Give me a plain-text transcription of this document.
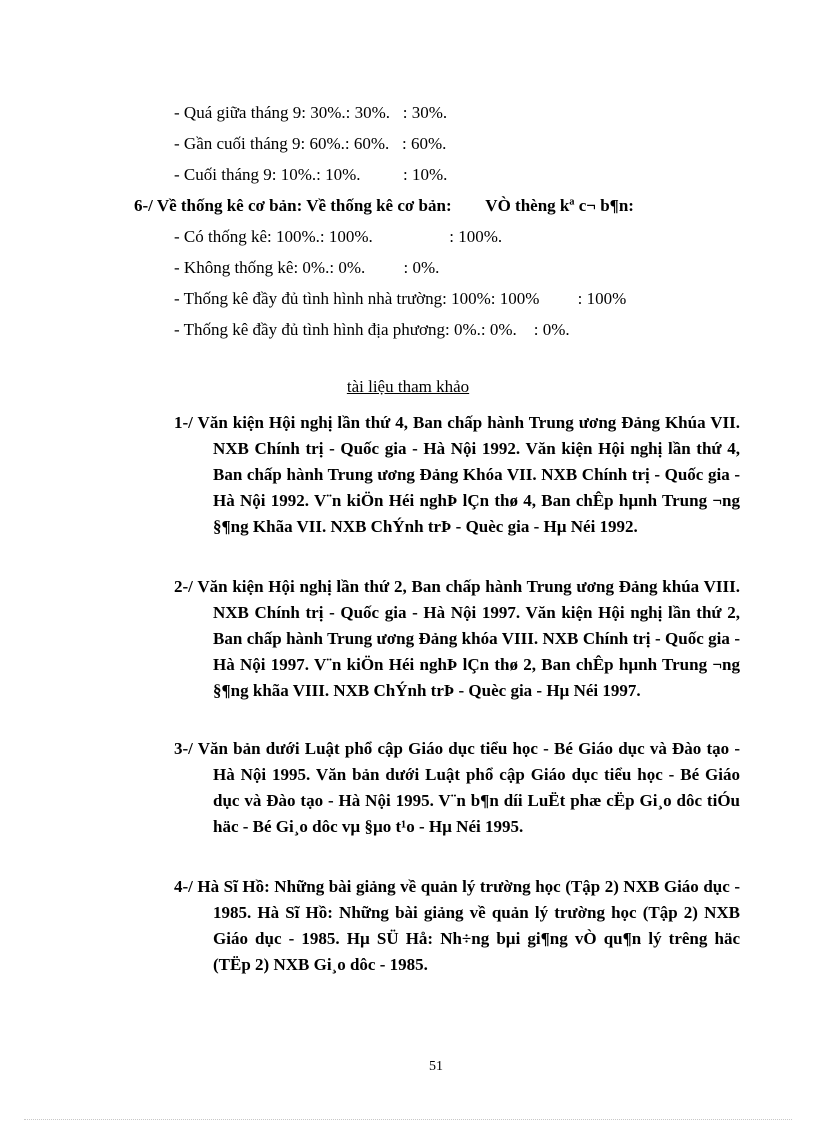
- Quá giữa tháng 9: 30%.: 30%.   : 30%.
- Gần cuối tháng 9: 60%.: 60%.   : 60%.
- Cuối tháng 9: 10%.: 10%.          : 10%.
6-/ Về thống kê cơ bản: Về thống kê cơ bản:        VÒ thèng kª c¬ b¶n:
- Có thống kê: 100%.: 100%.                  : 100%.
- Không thống kê: 0%.: 0%.         : 0%.
- Thống kê đầy đủ tình hình nhà trường: 100%: 100%         : 100%
- Thống kê đầy đủ tình hình địa phương: 0%.: 0%.    : 0%.
tài liệu tham khảo
1-/ Văn kiện Hội nghị lần thứ 4, Ban chấp hành Trung ương Đảng Khúa VII. NXB Chính trị - Quốc gia - Hà Nội 1992. Văn kiện Hội nghị lần thứ 4, Ban chấp hành Trung ương Đảng Khóa VII. NXB Chính trị - Quốc gia - Hà Nội 1992. V¨n kiÖn Héi nghÞ lÇn thø 4, Ban chÊp hµnh Trung ¬ng §¶ng Khãa VII. NXB ChÝnh trÞ - Quèc gia - Hµ Néi 1992.
2-/ Văn kiện Hội nghị lần thứ 2, Ban chấp hành Trung ương Đảng khúa VIII. NXB Chính trị - Quốc gia - Hà Nội 1997. Văn kiện Hội nghị lần thứ 2, Ban chấp hành Trung ương Đảng khóa VIII. NXB Chính trị - Quốc gia - Hà Nội 1997. V¨n kiÖn Héi nghÞ lÇn thø 2, Ban chÊp hµnh Trung ¬ng §¶ng khãa VIII. NXB ChÝnh trÞ - Quèc gia - Hµ Néi 1997.
3-/ Văn bản dưới Luật phổ cập Giáo dục tiểu học - Bé Giáo dục và Đào tạo - Hà Nội 1995. Văn bản dưới Luật phổ cập Giáo dục tiểu học - Bé Giáo dục và Đào tạo - Hà Nội 1995. V¨n b¶n díi LuËt phæ cËp Gi¸o dôc tiÓu häc - Bé Gi¸o dôc vµ §µo t¹o - Hµ Néi 1995.
4-/ Hà Sĩ Hồ: Những bài giảng về quản lý trường học (Tập 2) NXB Giáo dục - 1985. Hà Sĩ Hồ: Những bài giảng về quản lý trường học (Tập 2) NXB Giáo dục - 1985. Hµ SÜ Hå: Nh÷ng bµi gi¶ng vÒ qu¶n lý trêng häc (TËp 2) NXB Gi¸o dôc - 1985.
51
